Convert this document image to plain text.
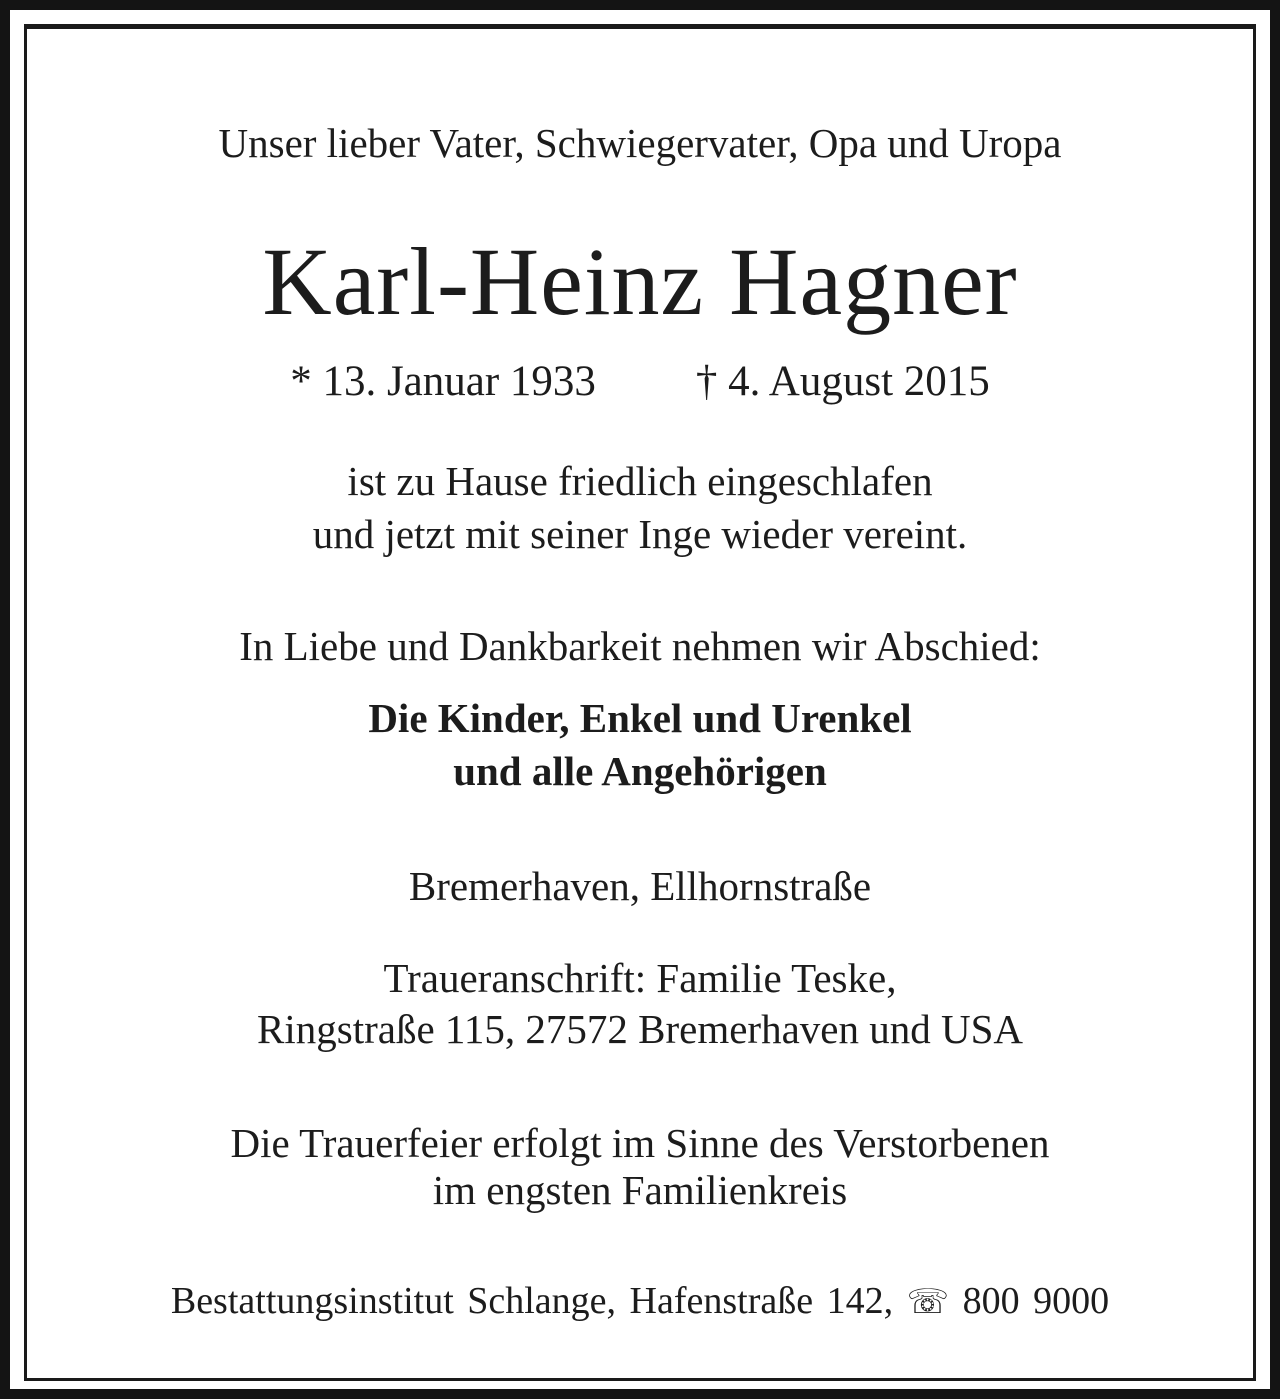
Unser lieber Vater, Schwiegervater, Opa und Uropa
Karl-Heinz Hagner
* 13. Januar 1933 † 4. August 2015
ist zu Hause friedlich eingeschlafen
und jetzt mit seiner Inge wieder vereint.
In Liebe und Dankbarkeit nehmen wir Abschied:
Die Kinder, Enkel und Urenkel
und alle Angehörigen
Bremerhaven, Ellhornstraße
Traueranschrift: Familie Teske,
Ringstraße 115, 27572 Bremerhaven und USA
Die Trauerfeier erfolgt im Sinne des Verstorbenen
im engsten Familienkreis
Bestattungsinstitut Schlange, Hafenstraße 142, ☏ 800 9000
